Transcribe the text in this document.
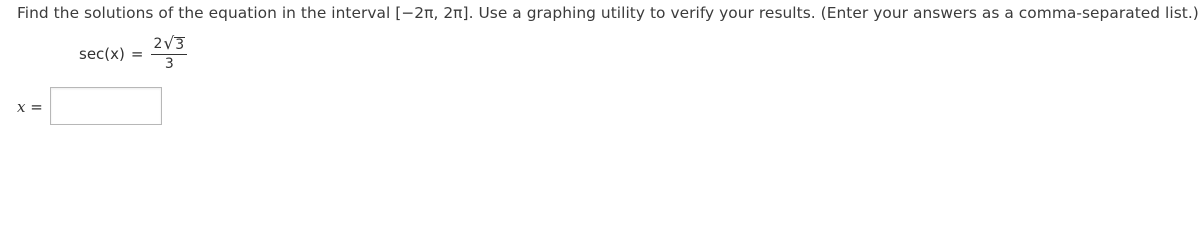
Find the solutions of the equation in the interval [−2π, 2π]. Use a graphing utility to verify your results. (Enter your answers as a comma-separated list.)
$\sec(x) = \frac{2 √ 3}{3}$
x =
